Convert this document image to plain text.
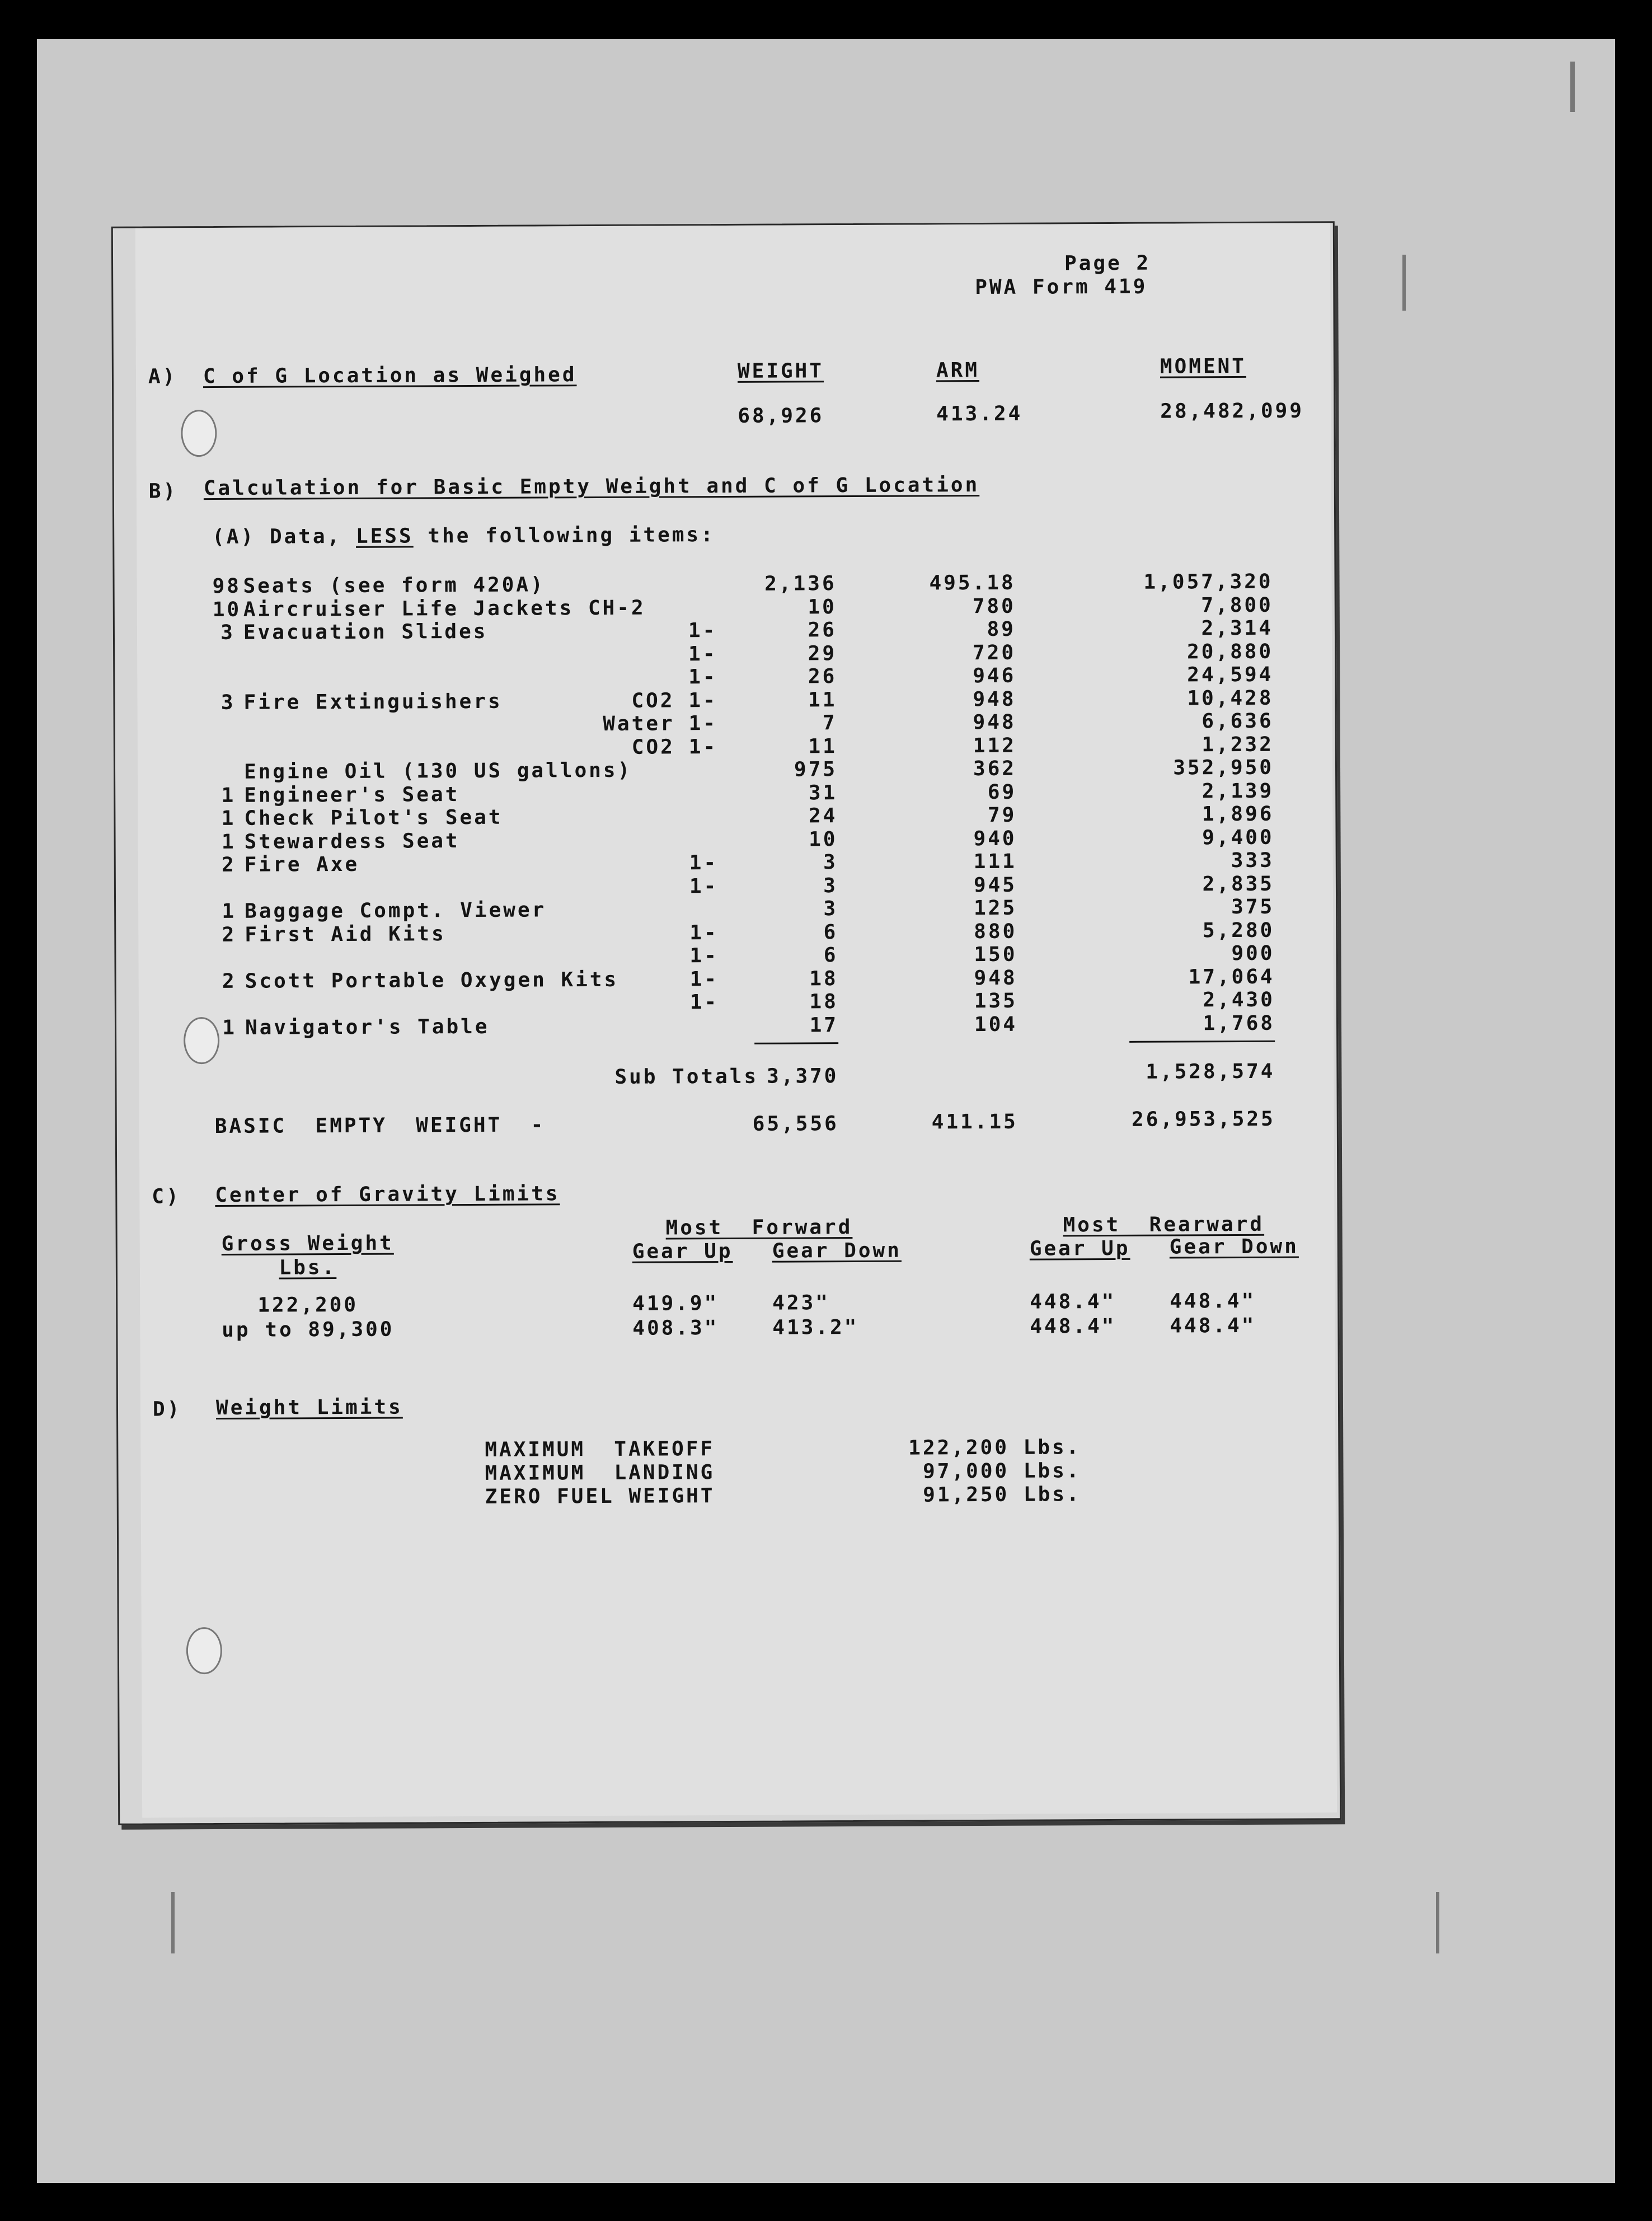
Page 2
PWA Form 419
A) C of G Location as Weighed	WEIGHT	ARM	MOMENT
68,926	413.24	28,482,099
B) Calculation for Basic Empty Weight and C of G Location
(A) Data, LESS the following items:
98 Seats (see form 420A)	2,136	495.18	1,057,320
10 Aircruiser Life Jackets CH-2	10	780	7,800
3 Evacuation Slides	1-	26	89	2,314
1-	29	720	20,880
1-	26	946	24,594
3 Fire Extinguishers	CO2 1-	11	948	10,428
Water 1-	7	948	6,636
CO2 1-	11	112	1,232
Engine Oil (130 US gallons)	975	362	352,950
1 Engineer's Seat	31	69	2,139
1 Check Pilot's Seat	24	79	1,896
1 Stewardess Seat	10	940	9,400
2 Fire Axe	1-	3	111	333
1-	3	945	2,835
1 Baggage Compt. Viewer	3	125	375
2 First Aid Kits	1-	6	880	5,280
1-	6	150	900
2 Scott Portable Oxygen Kits	1-	18	948	17,064
1-	18	135	2,430
1 Navigator's Table	17	104	1,768
Sub Totals 3,370	1,528,574
BASIC  EMPTY  WEIGHT  -	65,556	411.15	26,953,525
C) Center of Gravity Limits
Gross Weight
Lbs.
Most  Forward
Gear Up Gear Down
Most  Rearward
Gear Up Gear Down
122,200	419.9"	423"	448.4"	448.4"
up to 89,300	408.3"	413.2"	448.4"	448.4"
D) Weight Limits
MAXIMUM  TAKEOFF	122,200 Lbs.
MAXIMUM  LANDING	97,000 Lbs.
ZERO FUEL WEIGHT	91,250 Lbs.
